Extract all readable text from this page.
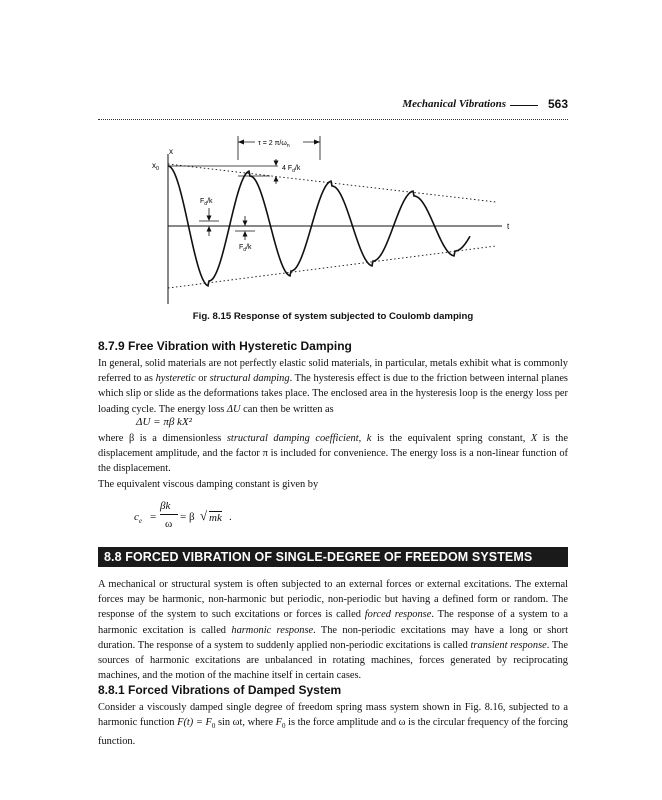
Mechanical Vibrations	563
x
t
$x_0$
τ = 2 $\pi/\omega_n$
4 $F_d/k$
$F_d/k$
$F_d/k$
Fig. 8.15 Response of system subjected to Coulomb damping
8.7.9 Free Vibration with Hysteretic Damping
In general, solid materials are not perfectly elastic solid materials, in particular, metals exhibit what is commonly referred to as hysteretic or structural damping. The hysteresis effect is due to the friction between internal planes which slip or slide as the deformations takes place. The enclosed area in the hysteresis loop is the energy loss per loading cycle. The energy loss ΔU can then be written as
ΔU = πβ kX²
where β is a dimensionless structural damping coefficient, k is the equivalent spring constant, X is the displacement amplitude, and the factor π is included for convenience. The energy loss is a non-linear function of the displacement.
The equivalent viscous damping constant is given by
$c_e$ =
βk
ω
= β √ mk .
8.8 FORCED VIBRATION OF SINGLE-DEGREE OF FREEDOM SYSTEMS
A mechanical or structural system is often subjected to an external forces or external excitations. The external forces may be harmonic, non-harmonic but periodic, non-periodic but having a defined form or random. The response of the system to such excitations or forces is called forced response. The response of a system to a harmonic excitation is called harmonic response. The non-periodic excitations may have a long or short duration. The response of a system to suddenly applied non-periodic excitations is called transient response. The sources of harmonic excitations are unbalanced in rotating machines, forces generated by reciprocating machines, and the motion of the machine itself in certain cases.
8.8.1 Forced Vibrations of Damped System
Consider a viscously damped single degree of freedom spring mass system shown in Fig. 8.16, subjected to a harmonic function $F(t) = F_0$ sin ωt, where $F_0$ is the force amplitude and ω is the circular frequency of the forcing function.
